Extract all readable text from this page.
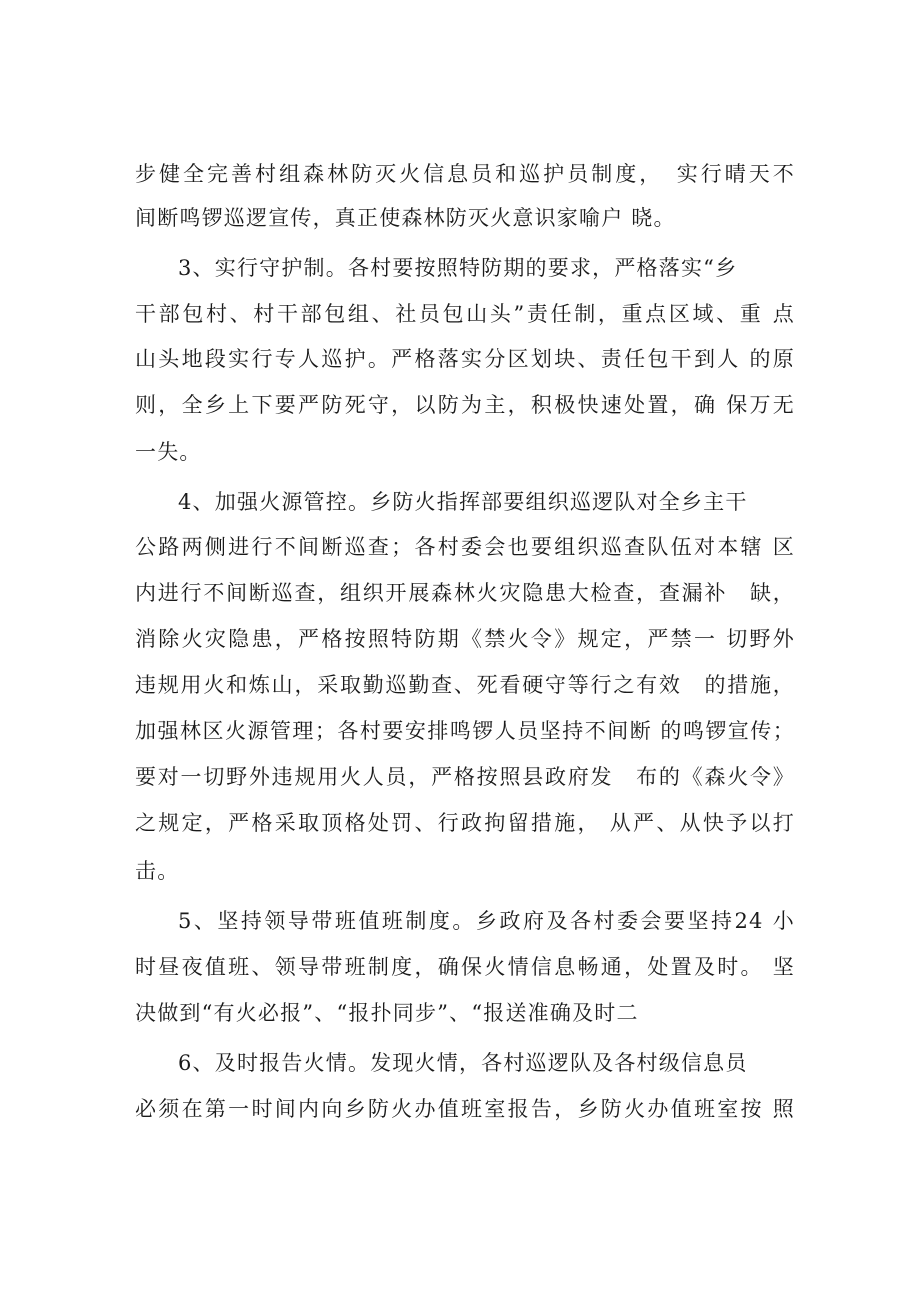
步健全完善村组森林防灭火信息员和巡护员制度，　实行晴天不
间断鸣锣巡逻宣传，真正使森林防灭火意识家喻户 晓。
3、实行守护制。各村要按照特防期的要求，严格落实“乡
干部包村、村干部包组、社员包山头”责任制，重点区域、重 点
山头地段实行专人巡护。严格落实分区划块、责任包干到人 的原
则，全乡上下要严防死守，以防为主，积极快速处置，确 保万无
一失。
4、加强火源管控。乡防火指挥部要组织巡逻队对全乡主干
公路两侧进行不间断巡查；各村委会也要组织巡查队伍对本辖 区
内进行不间断巡查，组织开展森林火灾隐患大检查，查漏补　缺，
消除火灾隐患，严格按照特防期《禁火令》规定，严禁一 切野外
违规用火和炼山，采取勤巡勤查、死看硬守等行之有效　的措施，
加强林区火源管理；各村要安排鸣锣人员坚持不间断 的鸣锣宣传；
要对一切野外违规用火人员，严格按照县政府发　布的《森火令》
之规定，严格采取顶格处罚、行政拘留措施， 从严、从快予以打
击。
5、坚持领导带班值班制度。乡政府及各村委会要坚持24 小
时昼夜值班、领导带班制度，确保火情信息畅通，处置及时。 坚
决做到“有火必报”、“报扑同步”、“报送准确及时二
6、及时报告火情。发现火情，各村巡逻队及各村级信息员
必须在第一时间内向乡防火办值班室报告，乡防火办值班室按 照
